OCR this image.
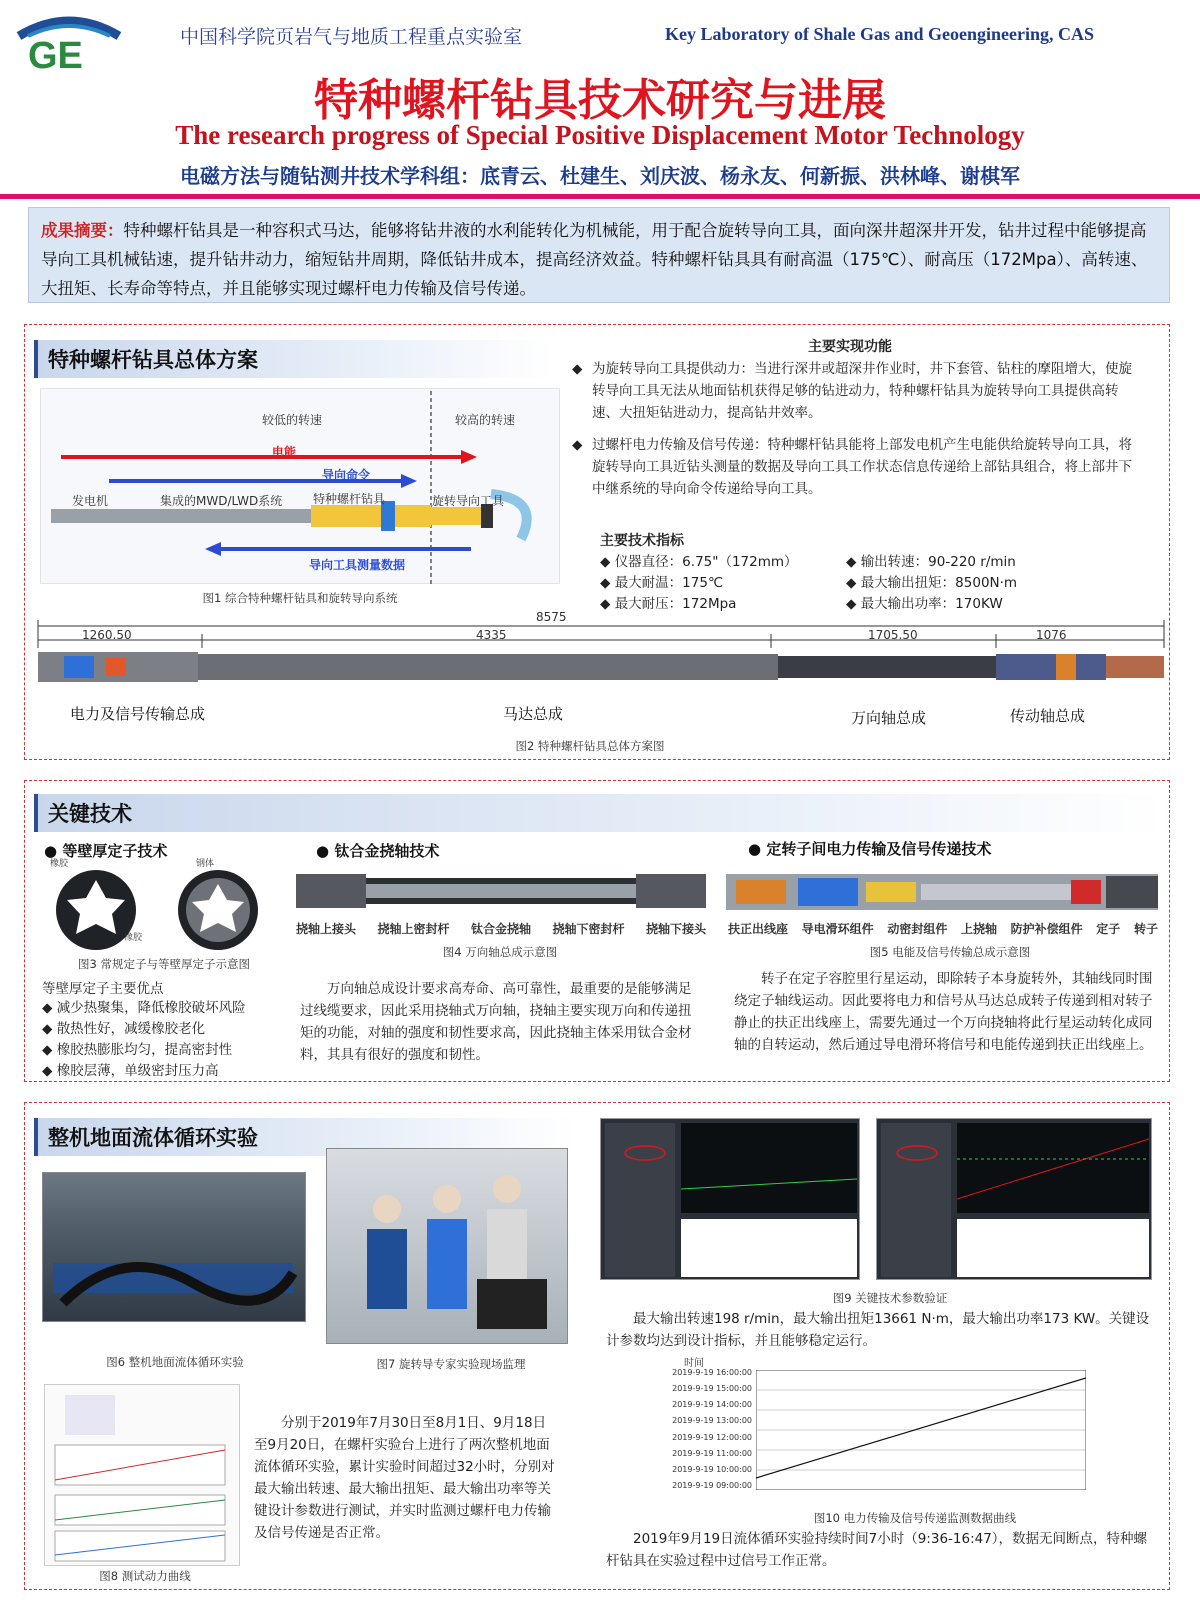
GE	中国科学院页岩气与地质工程重点实验室	Key Laboratory of Shale Gas and Geoengineering, CAS
特种螺杆钻具技术研究与进展
The research progress of Special Positive Displacement Motor Technology
电磁方法与随钻测井技术学科组：底青云、杜建生、刘庆波、杨永友、何新振、洪林峰、谢棋军
成果摘要：特种螺杆钻具是一种容积式马达，能够将钻井液的水利能转化为机械能，用于配合旋转导向工具，面向深井超深井开发，钻井过程中能够提高导向工具机械钻速，提升钻井动力，缩短钻井周期，降低钻井成本，提高经济效益。特种螺杆钻具具有耐高温（175℃）、耐高压（172Mpa）、高转速、大扭矩、长寿命等特点，并且能够实现过螺杆电力传输及信号传递。
特种螺杆钻具总体方案
较低的转速	较高的转速
电能
导向命令
发电机	集成的MWD/LWD系统	特种螺杆钻具	旋转导向工具
导向工具测量数据
图1 综合特种螺杆钻具和旋转导向系统
主要实现功能
◆ 为旋转导向工具提供动力：当进行深井或超深井作业时，井下套管、钻柱的摩阻增大，使旋转导向工具无法从地面钻机获得足够的钻进动力，特种螺杆钻具为旋转导向工具提供高转速、大扭矩钻进动力，提高钻井效率。
◆ 过螺杆电力传输及信号传递：特种螺杆钻具能将上部发电机产生电能供给旋转导向工具，将旋转导向工具近钻头测量的数据及导向工具工作状态信息传递给上部钻具组合，将上部井下中继系统的导向命令传递给导向工具。
主要技术指标
◆ 仪器直径：6.75"（172mm）
◆ 最大耐温：175℃
◆ 最大耐压：172Mpa
◆ 输出转速：90-220 r/min
◆ 最大输出扭矩：8500N·m
◆ 最大输出功率：170KW
8575
1260.50	4335	1705.50	1076
电力及信号传输总成	马达总成	万向轴总成	传动轴总成
图2 特种螺杆钻具总体方案图
关键技术
● 等壁厚定子技术
橡胶	钢体
橡胶
图3 常规定子与等壁厚定子示意图
等壁厚定子主要优点
◆ 减少热聚集，降低橡胶破坏风险
◆ 散热性好，减缓橡胶老化
◆ 橡胶热膨胀均匀，提高密封性
◆ 橡胶层薄，单级密封压力高
● 钛合金挠轴技术
挠轴上接头 挠轴上密封杆 钛合金挠轴 挠轴下密封杆 挠轴下接头
图4 万向轴总成示意图
万向轴总成设计要求高寿命、高可靠性，最重要的是能够满足过线缆要求，因此采用挠轴式万向轴，挠轴主要实现万向和传递扭矩的功能，对轴的强度和韧性要求高，因此挠轴主体采用钛合金材料，其具有很好的强度和韧性。
● 定转子间电力传输及信号传递技术
扶正出线座 导电滑环组件 动密封组件 上挠轴 防护补偿组件 定子 转子
图5 电能及信号传输总成示意图
转子在定子容腔里行星运动，即除转子本身旋转外，其轴线同时围绕定子轴线运动。因此要将电力和信号从马达总成转子传递到相对转子静止的扶正出线座上，需要先通过一个万向挠轴将此行星运动转化成同轴的自转运动，然后通过导电滑环将信号和电能传递到扶正出线座上。
整机地面流体循环实验
图6 整机地面流体循环实验	图7 旋转导专家实验现场监理
图8 测试动力曲线
分别于2019年7月30日至8月1日、9月18日至9月20日，在螺杆实验台上进行了两次整机地面流体循环实验，累计实验时间超过32小时，分别对最大输出转速、最大输出扭矩、最大输出功率等关键设计参数进行测试，并实时监测过螺杆电力传输及信号传递是否正常。
图9 关键技术参数验证
最大输出转速198 r/min，最大输出扭矩13661 N·m，最大输出功率173 KW。关键设计参数均达到设计指标，并且能够稳定运行。
时间
2019-9-19 16:00:00
2019-9-19 15:00:00
2019-9-19 14:00:00
2019-9-19 13:00:00
2019-9-19 12:00:00
2019-9-19 11:00:00
2019-9-19 10:00:00
2019-9-19 09:00:00
图10 电力传输及信号传递监测数据曲线
2019年9月19日流体循环实验持续时间7小时（9:36-16:47），数据无间断点，特种螺杆钻具在实验过程中过信号工作正常。
